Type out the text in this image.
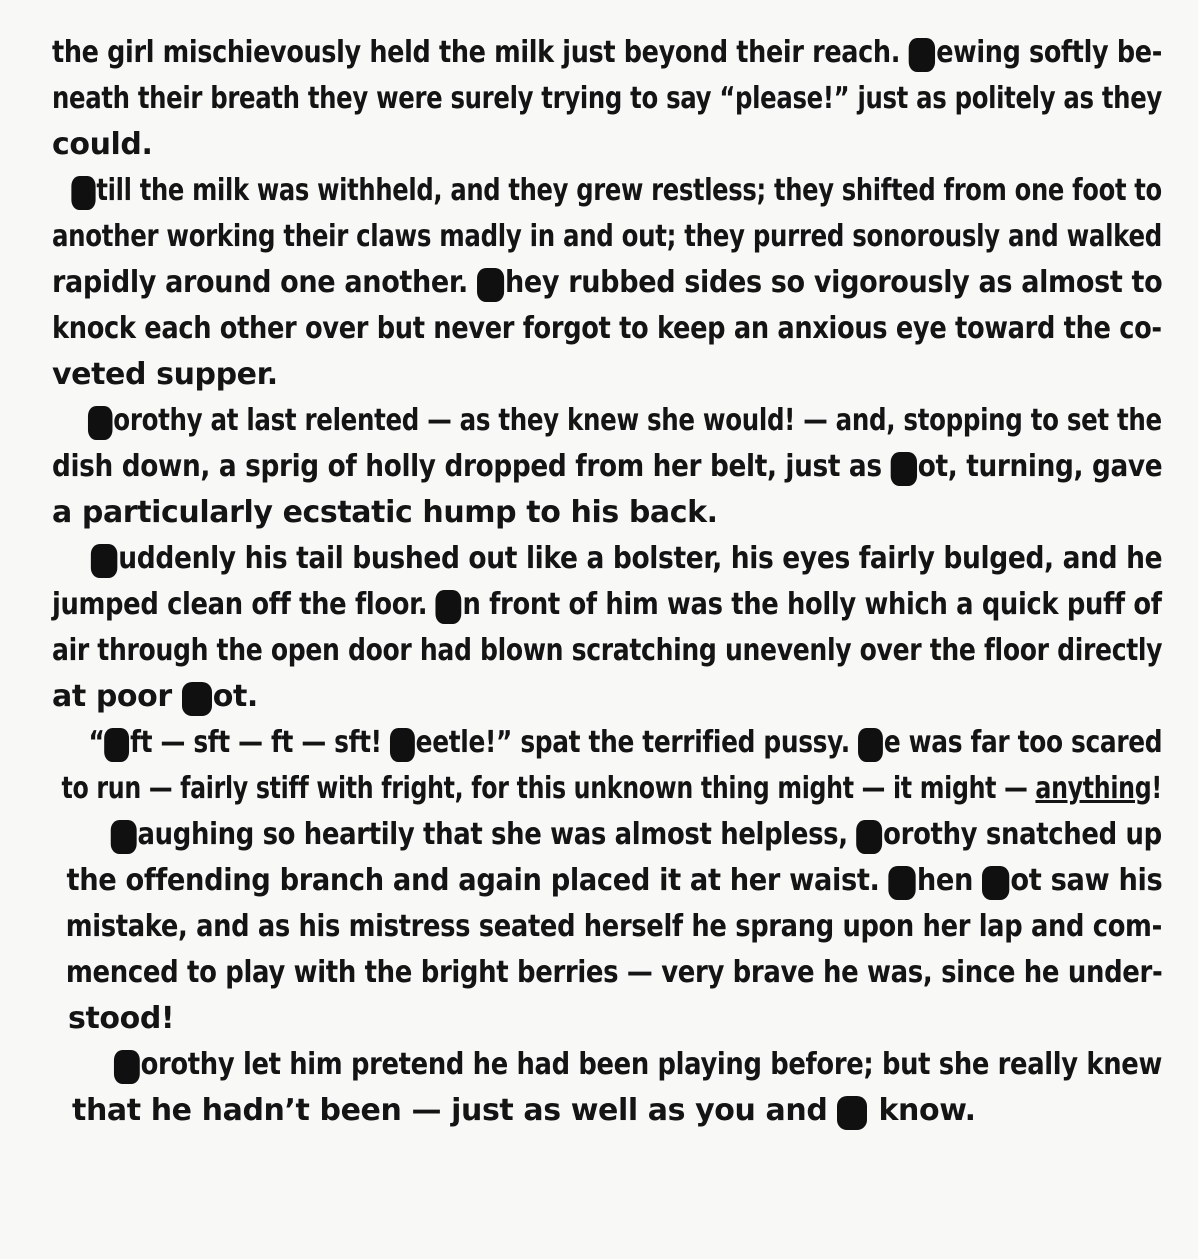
the girl mischievously held the milk just beyond their reach. Mewing softly be-
neath their breath they were surely trying to say “please!” just as politely as they
could.
S till the milk was withheld, and they grew restless; they shifted from one foot to
another working their claws madly in and out; they purred sonorously and walked
rapidly around one another. T hey rubbed sides so vigorously as almost to
knock each other over but never forgot to keep an anxious eye toward the co-
veted supper.
Dorothy at last relented — as they knew she would! — and, stopping to set the
dish down, a sprig of holly dropped from her belt, just as Dot, turning, gave
a particularly ecstatic hump to his back.
S uddenly his tail bushed out like a bolster, his eyes fairly bulged, and he
jumped clean off the floor. I n front of him was the holly which a quick puff of
air through the open door had blown scratching unevenly over the floor directly
at poor Dot.
“S ft — sft — ft — sft! B eetle!” spat the terrified pussy. He was far too scared
to run — fairly stiff with fright, for this unknown thing might — it might — anything!
L aughing so heartily that she was almost helpless, Dorothy snatched up
the offending branch and again placed it at her waist. T hen Dot saw his
mistake, and as his mistress seated herself he sprang upon her lap and com-
menced to play with the bright berries — very brave he was, since he under-
stood!
Dorothy let him pretend he had been playing before; but she really knew
that he hadn’t been — just as well as you and I know.
